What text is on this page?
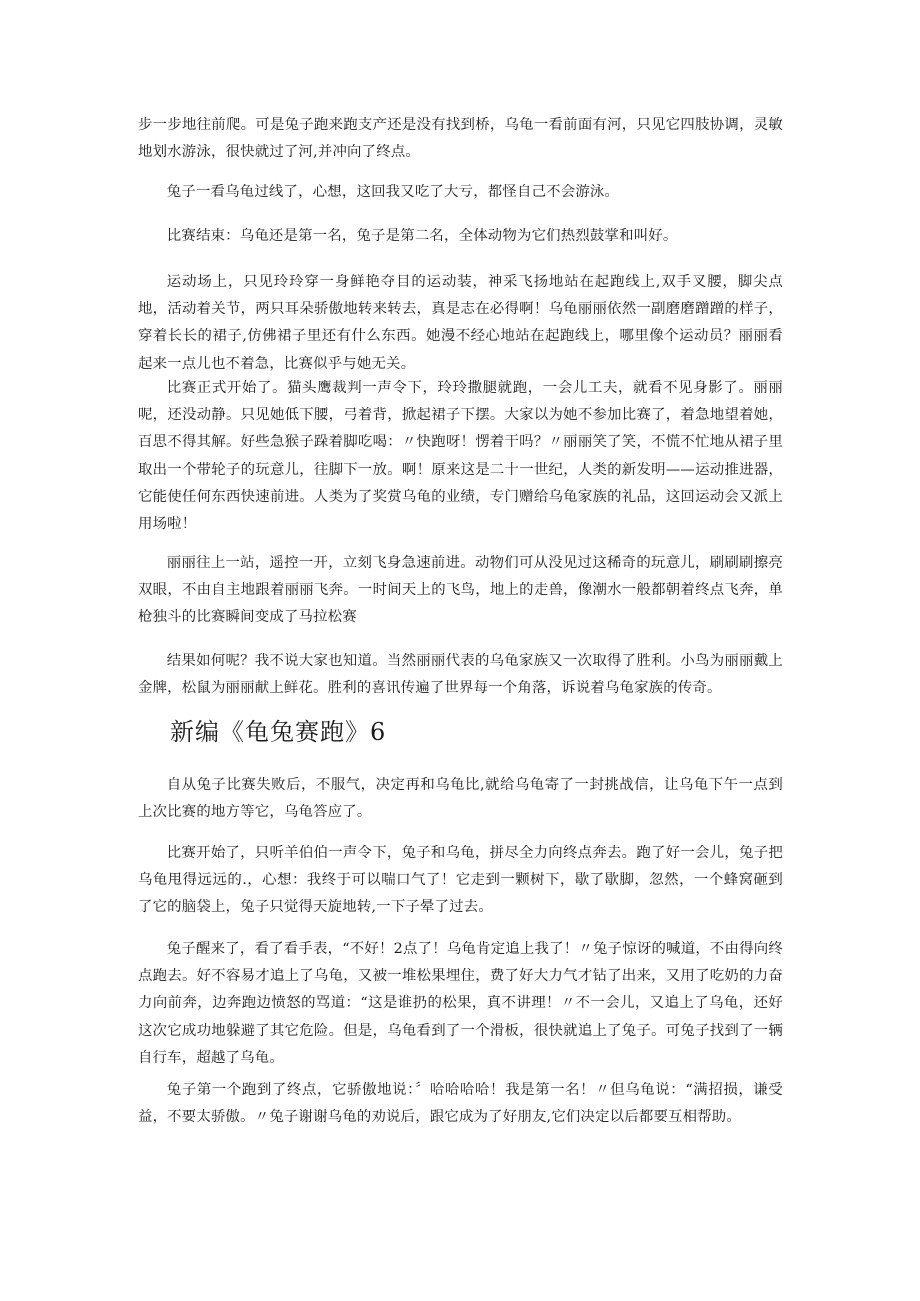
步一步地往前爬。可是兔子跑来跑支产还是没有找到桥，乌龟一看前面有河，只见它四肢协调，灵敏地划水游泳，很快就过了河,并冲向了终点。

兔子一看乌龟过线了，心想，这回我又吃了大亏，都怪自己不会游泳。

比赛结束：乌龟还是第一名，兔子是第二名，全体动物为它们热烈鼓掌和叫好。

运动场上，只见玲玲穿一身鲜艳夺目的运动装，神采飞扬地站在起跑线上,双手叉腰，脚尖点地，活动着关节，两只耳朵骄傲地转来转去，真是志在必得啊！乌龟丽丽依然一副磨磨蹭蹭的样子，穿着长长的裙子,仿佛裙子里还有什么东西。她漫不经心地站在起跑线上，哪里像个运动员？丽丽看起来一点儿也不着急，比赛似乎与她无关。

比赛正式开始了。猫头鹰裁判一声令下，玲玲撒腿就跑，一会儿工夫，就看不见身影了。丽丽呢，还没动静。只见她低下腰，弓着背，掀起裙子下摆。大家以为她不参加比赛了，着急地望着她，百思不得其解。好些急猴子跺着脚吃喝：〃快跑呀！愣着干吗？〃丽丽笑了笑，不慌不忙地从裙子里取出一个带轮子的玩意儿，往脚下一放。啊！原来这是二十一世纪，人类的新发明——运动推进器，它能使任何东西快速前进。人类为了奖赏乌龟的业绩，专门赠给乌龟家族的礼品，这回运动会又派上用场啦！

丽丽往上一站，遥控一开，立刻飞身急速前进。动物们可从没见过这稀奇的玩意儿，刷刷刷擦亮双眼，不由自主地跟着丽丽飞奔。一时间天上的飞鸟，地上的走兽，像潮水一般都朝着终点飞奔，单枪独斗的比赛瞬间变成了马拉松赛

结果如何呢？我不说大家也知道。当然丽丽代表的乌龟家族又一次取得了胜利。小鸟为丽丽戴上金牌，松鼠为丽丽献上鲜花。胜利的喜讯传遍了世界每一个角落，诉说着乌龟家族的传奇。

新编《龟兔赛跑》6

自从兔子比赛失败后，不服气，决定再和乌龟比,就给乌龟寄了一封挑战信，让乌龟下午一点到上次比赛的地方等它，乌龟答应了。

比赛开始了，只听羊伯伯一声令下，兔子和乌龟，拼尽全力向终点奔去。跑了好一会儿，兔子把乌龟甩得远远的.，心想：我终于可以喘口气了！它走到一颗树下，歇了歇脚，忽然，一个蜂窝砸到了它的脑袋上，兔子只觉得天旋地转,一下子晕了过去。

兔子醒来了，看了看手表，“不好！2点了！乌龟肯定追上我了！〃兔子惊讶的喊道，不由得向终点跑去。好不容易才追上了乌龟，又被一堆松果埋住，费了好大力气才钻了出来，又用了吃奶的力奋力向前奔，边奔跑边愤怒的骂道：“这是谁扔的松果，真不讲理！〃不一会儿，又追上了乌龟，还好这次它成功地躲避了其它危险。但是，乌龟看到了一个滑板，很快就追上了兔子。可兔子找到了一辆自行车，超越了乌龟。

兔子第一个跑到了终点，它骄傲地说：〞哈哈哈哈！我是第一名！〃但乌龟说：“满招损，谦受益，不要太骄傲。〃兔子谢谢乌龟的劝说后，跟它成为了好朋友,它们决定以后都要互相帮助。
